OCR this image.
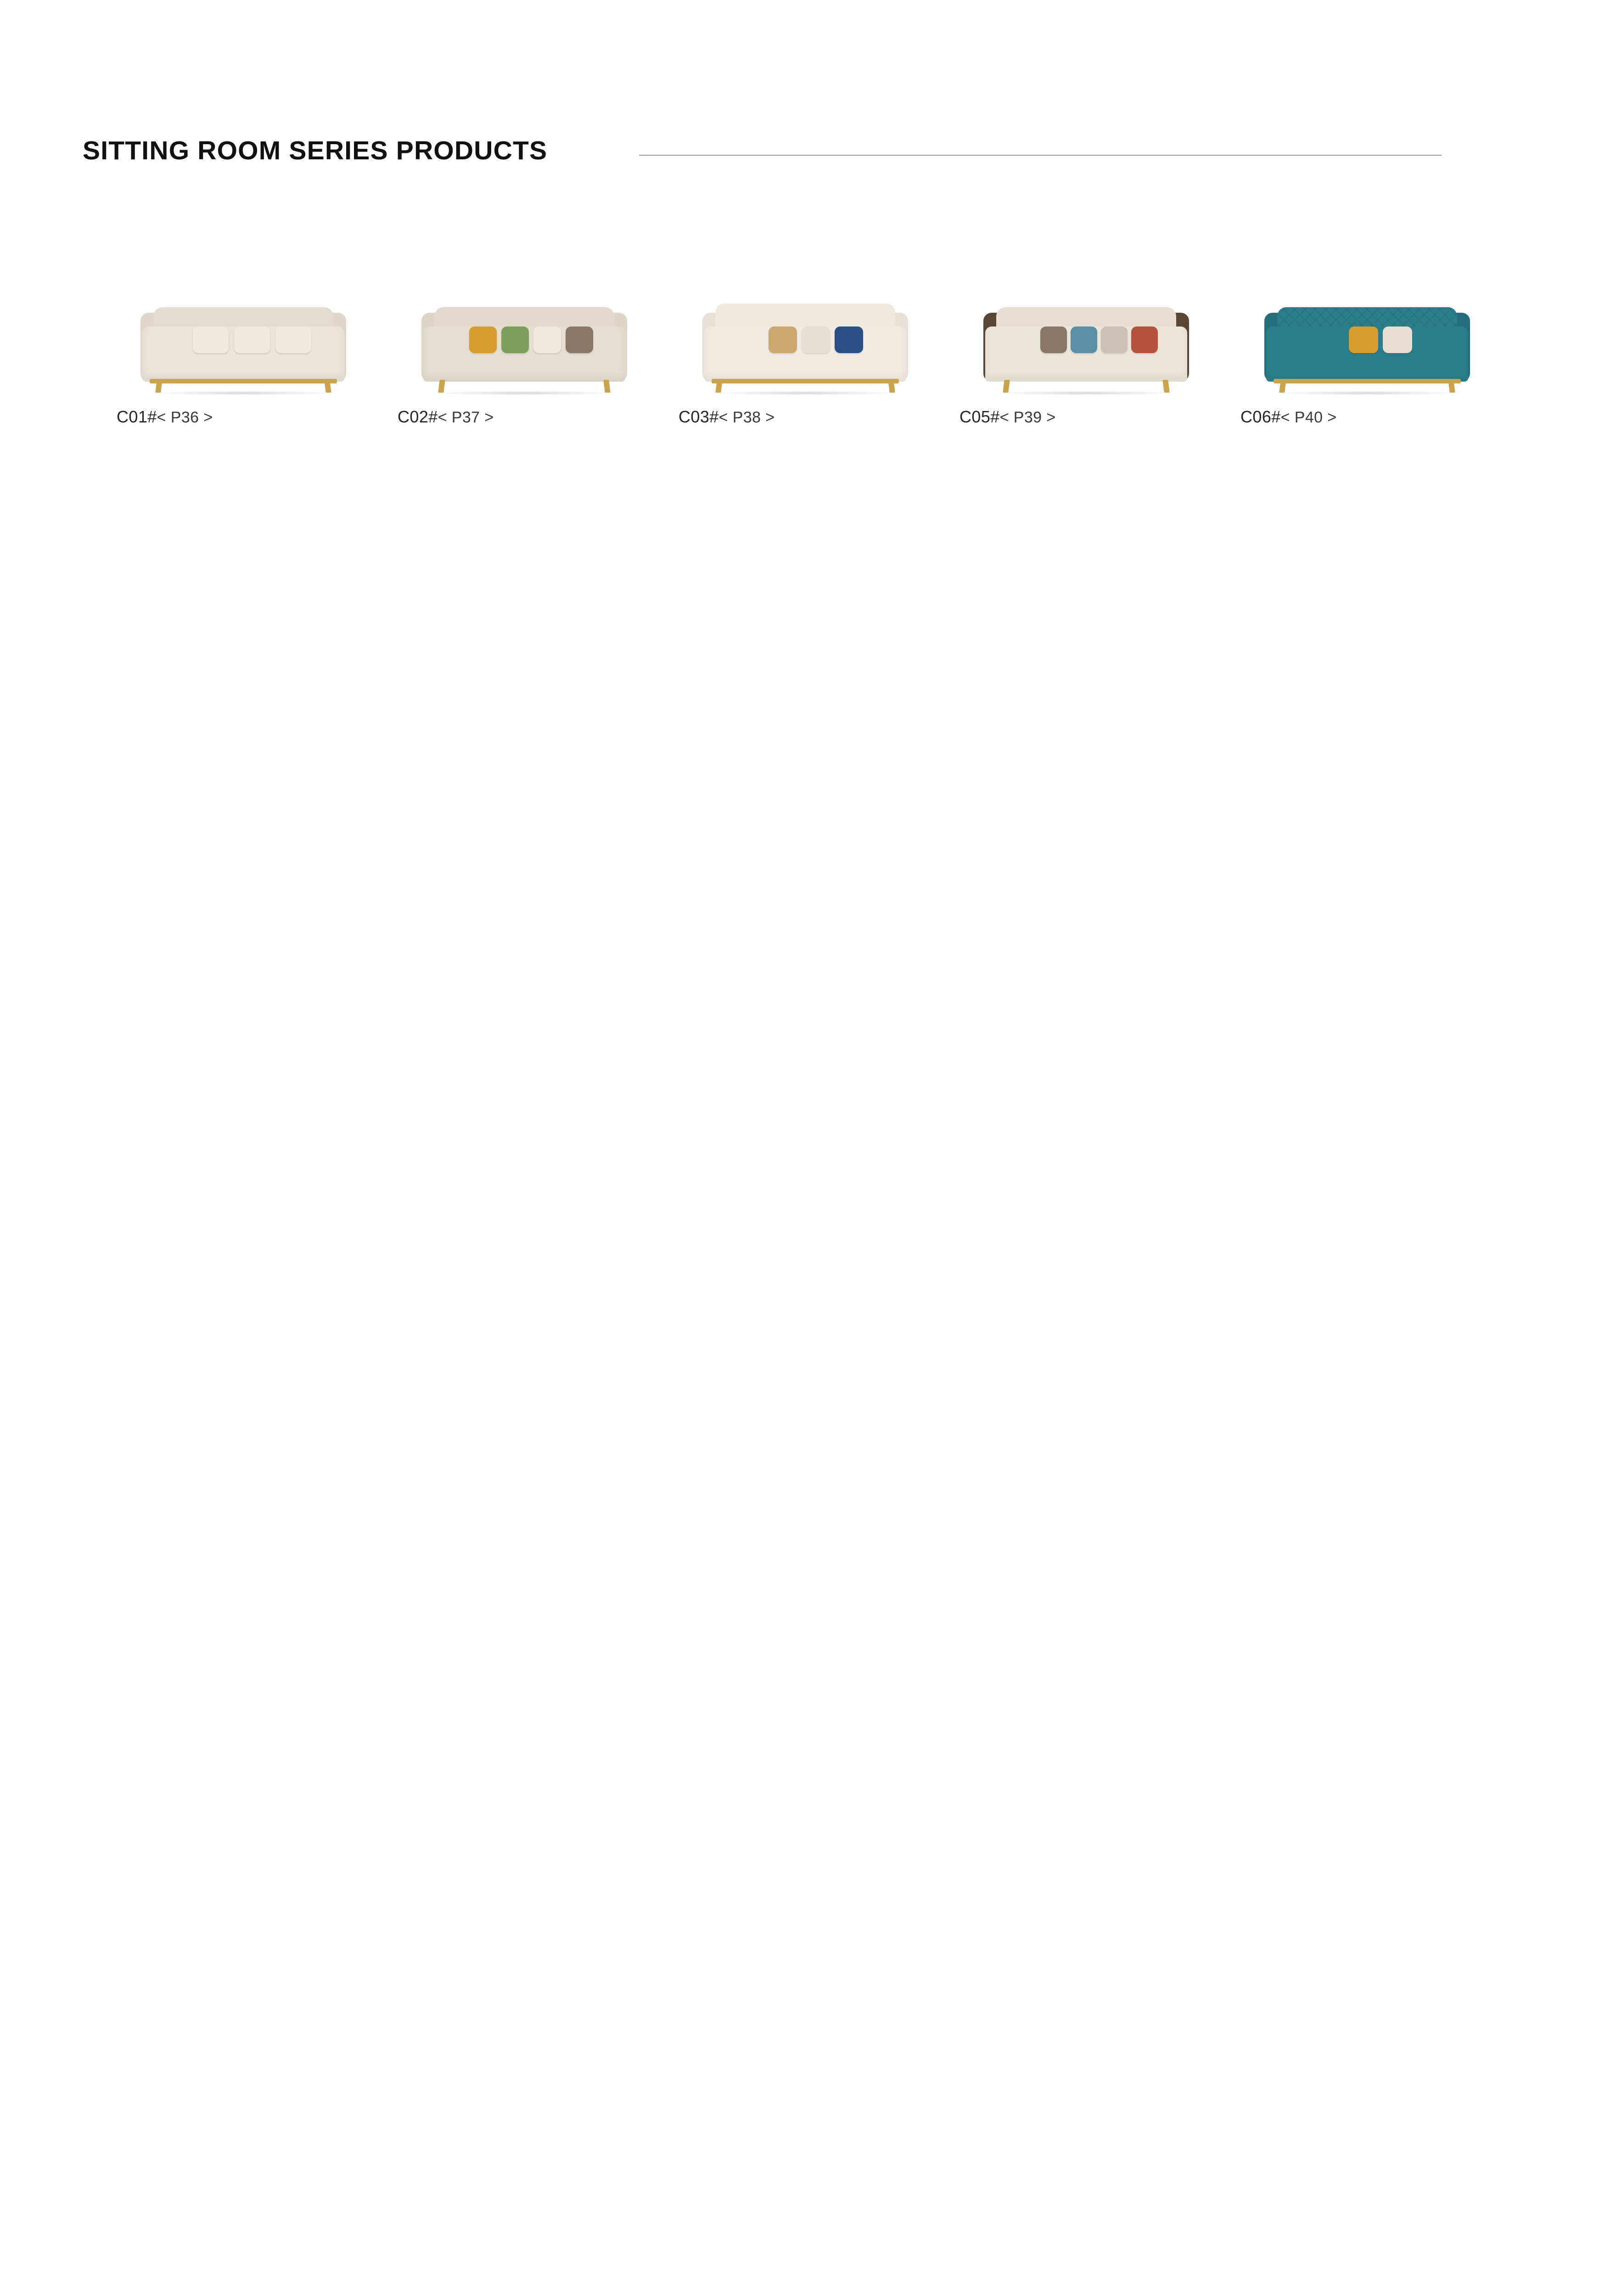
SITTING ROOM SERIES PRODUCTS
C01# < P36 >	C02# < P37 >	C03# < P38 >	C05# < P39 >	C06# < P40 >
